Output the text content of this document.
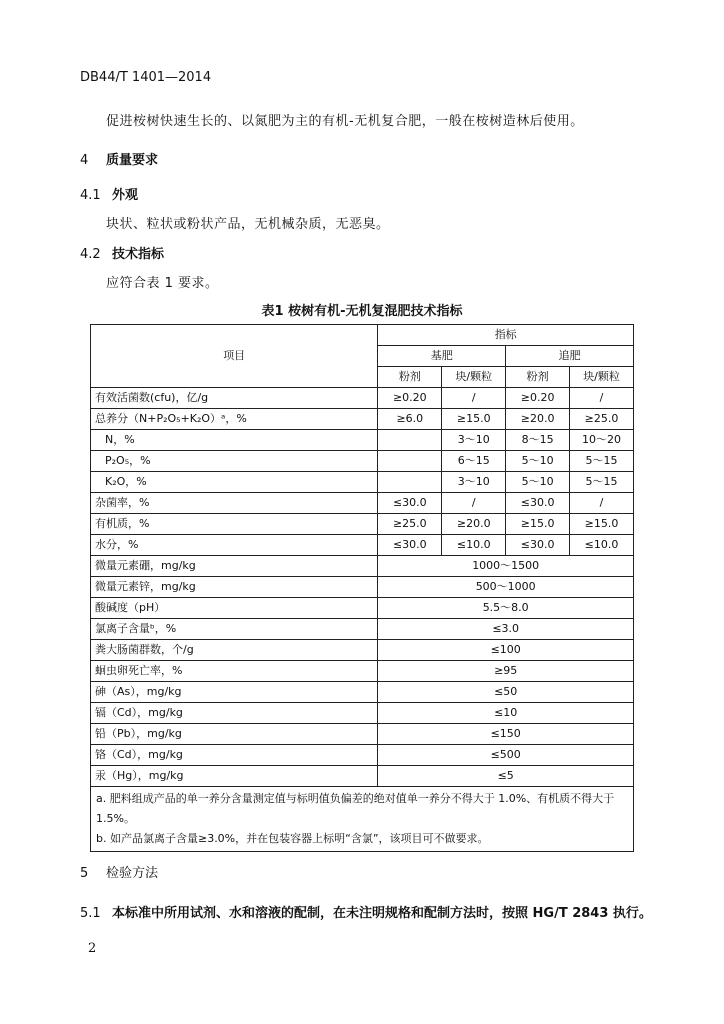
DB44/T 1401—2014
促进桉树快速生长的、以氮肥为主的有机-无机复合肥，一般在桉树造林后使用。
4 质量要求
4.1 外观
块状、粒状或粉状产品，无机械杂质，无恶臭。
4.2 技术指标
应符合表 1 要求。
表1 桉树有机-无机复混肥技术指标
项目	指标			
	基肥		追肥	
	粉剂	块/颗粒	粉剂	块/颗粒
有效活菌数(cfu)，亿/g	≥0.20	/	≥0.20	/
总养分（N+P₂O₅+K₂O）ᵃ，%	≥6.0	≥15.0	≥20.0	≥25.0
N，%		3～10	8～15	10～20
P₂O₅，%		6～15	5～10	5～15
K₂O，%		3～10	5～10	5～15
杂菌率，%	≤30.0	/	≤30.0	/
有机质，%	≥25.0	≥20.0	≥15.0	≥15.0
水分，%	≤30.0	≤10.0	≤30.0	≤10.0
微量元素硼，mg/kg	1000～1500			
微量元素锌，mg/kg	500～1000			
酸碱度（pH）	5.5～8.0			
氯离子含量ᵇ，%	≤3.0			
粪大肠菌群数，个/g	≤100			
蛔虫卵死亡率，%	≥95			
砷（As），mg/kg	≤50			
镉（Cd），mg/kg	≤10			
铅（Pb），mg/kg	≤150			
铬（Cd），mg/kg	≤500			
汞（Hg），mg/kg	≤5			

a. 肥料组成产品的单一养分含量测定值与标明值负偏差的绝对值单一养分不得大于 1.0%、有机质不得大于 1.5%。
b. 如产品氯离子含量≥3.0%，并在包装容器上标明“含氯”，该项目可不做要求。				
5 检验方法
5.1 本标准中所用试剂、水和溶液的配制，在未注明规格和配制方法时，按照 HG/T 2843 执行。
2
